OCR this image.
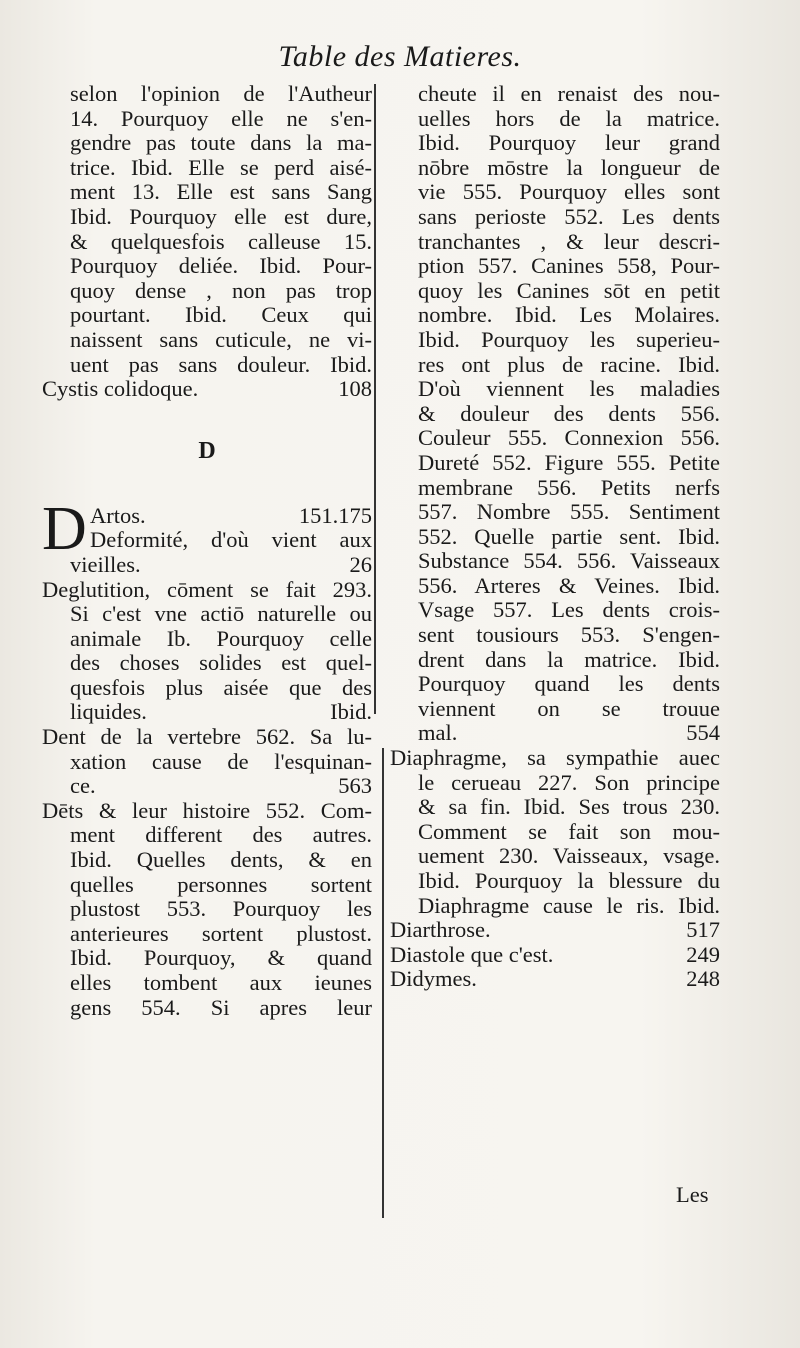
Table des Matieres.
selon l'opinion de l'Autheur
14. Pourquoy elle ne s'en-
gendre pas toute dans la ma-
trice. Ibid. Elle se perd aisé-
ment 13. Elle est sans Sang
Ibid. Pourquoy elle est dure,
& quelquesfois calleuse 15.
Pourquoy deliée. Ibid. Pour-
quoy dense , non pas trop
pourtant. Ibid. Ceux qui
naissent sans cuticule, ne vi-
uent pas sans douleur. Ibid.
Cystis colidoque.	108
D
D Artos.	151.175
Deformité, d'où vient aux
vieilles.	26
Deglutition, cōment se fait 293.
Si c'est vne actiō naturelle ou
animale Ib. Pourquoy celle
des choses solides est quel-
quesfois plus aisée que des
liquides. Ibid.
Dent de la vertebre 562. Sa lu-
xation cause de l'esquinan-
ce.	563
Dēts & leur histoire 552. Com-
ment different des autres.
Ibid. Quelles dents, & en
quelles personnes sortent
plustost 553. Pourquoy les
anterieures sortent plustost.
Ibid. Pourquoy, & quand
elles tombent aux ieunes
gens 554. Si apres leur
cheute il en renaist des nou-
uelles hors de la matrice.
Ibid. Pourquoy leur grand
nōbre mōstre la longueur de
vie 555. Pourquoy elles sont
sans perioste 552. Les dents
tranchantes , & leur descri-
ption 557. Canines 558, Pour-
quoy les Canines sōt en petit
nombre. Ibid. Les Molaires.
Ibid. Pourquoy les superieu-
res ont plus de racine. Ibid.
D'où viennent les maladies
& douleur des dents 556.
Couleur 555. Connexion 556.
Dureté 552. Figure 555. Petite
membrane 556. Petits nerfs
557. Nombre 555. Sentiment
552. Quelle partie sent. Ibid.
Substance 554. 556. Vaisseaux
556. Arteres & Veines. Ibid.
Vsage 557. Les dents crois-
sent tousiours 553. S'engen-
drent dans la matrice. Ibid.
Pourquoy quand les dents
viennent on se trouue
mal.	554
Diaphragme, sa sympathie auec
le cerueau 227. Son principe
& sa fin. Ibid. Ses trous 230.
Comment se fait son mou-
uement 230. Vaisseaux, vsage.
Ibid. Pourquoy la blessure du
Diaphragme cause le ris. Ibid.
Diarthrose.	517
Diastole que c'est.	249
Didymes.	248
Les
